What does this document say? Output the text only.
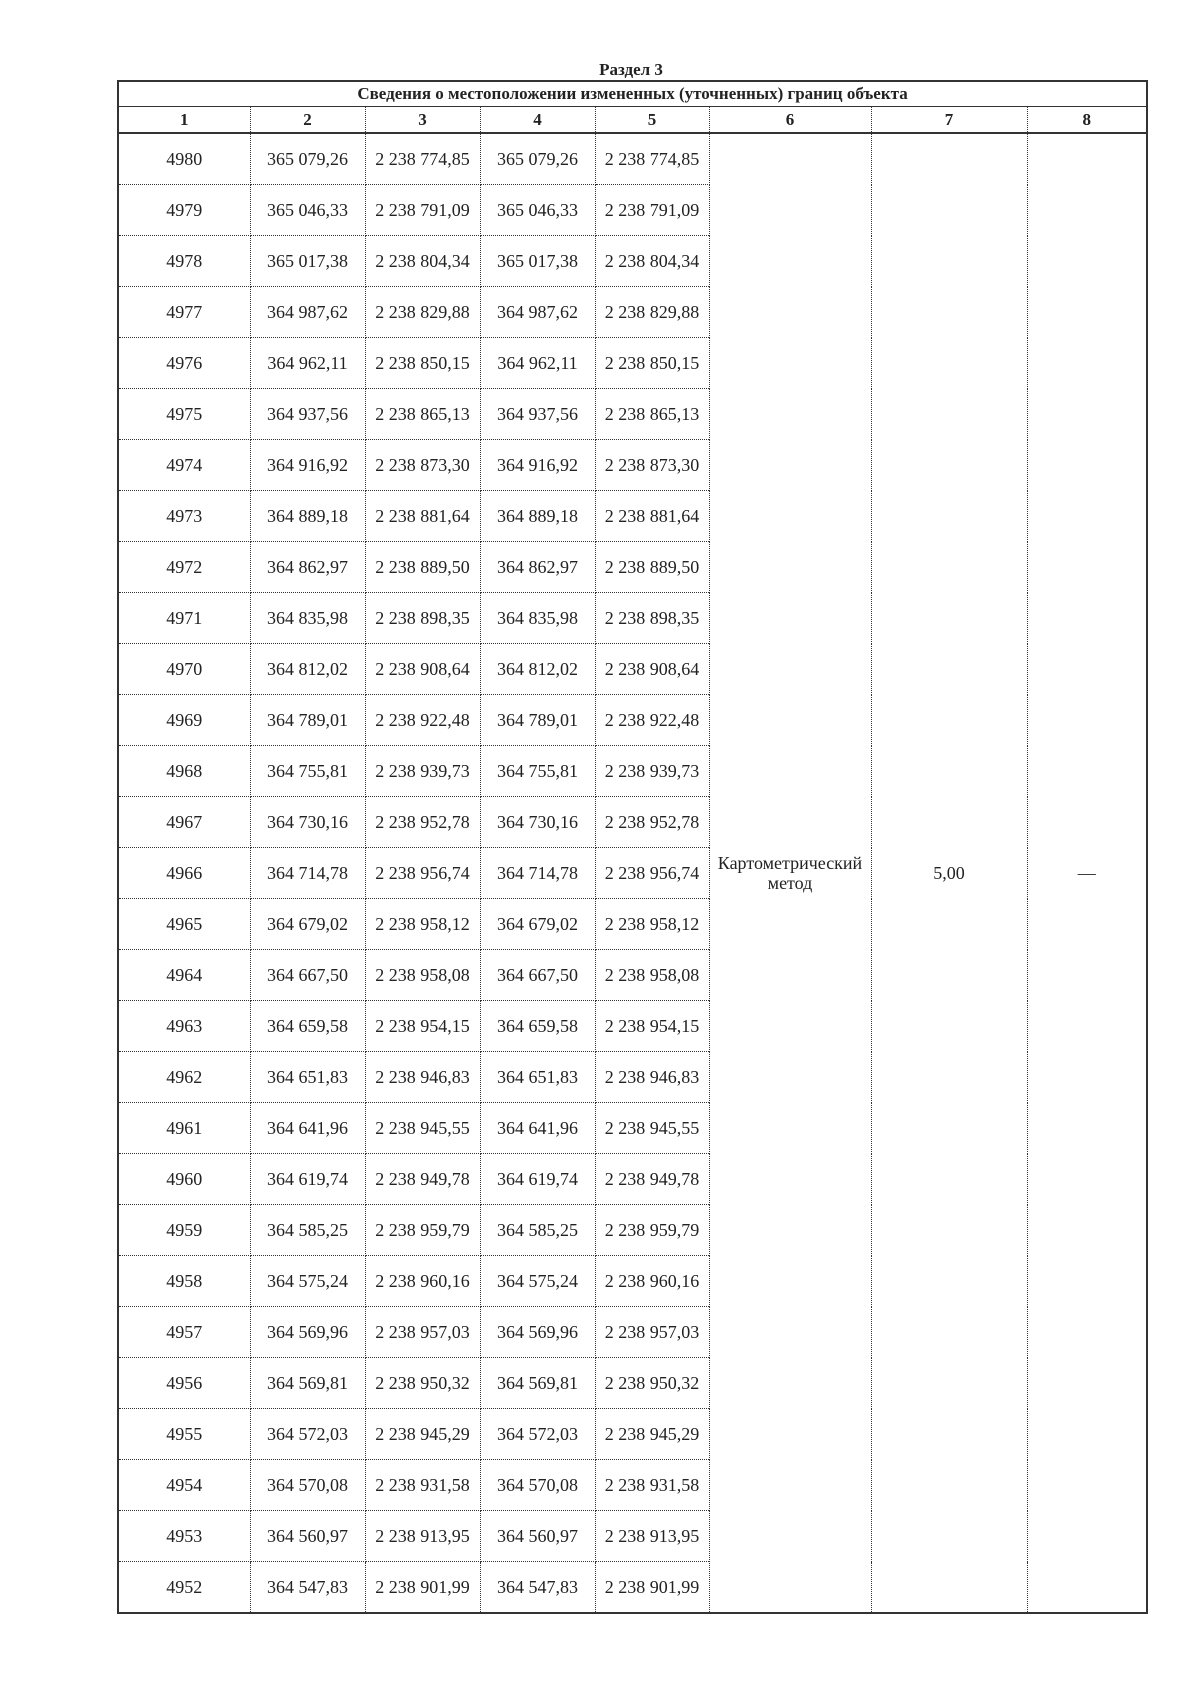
Раздел 3
Сведения о местоположении измененных (уточненных) границ объекта							
1	2	3	4	5	6	7	8
4980	365 079,26	2 238 774,85	365 079,26	2 238 774,85	Картометрический
метод	5,00	—
4979	365 046,33	2 238 791,09	365 046,33	2 238 791,09			
4978	365 017,38	2 238 804,34	365 017,38	2 238 804,34			
4977	364 987,62	2 238 829,88	364 987,62	2 238 829,88			
4976	364 962,11	2 238 850,15	364 962,11	2 238 850,15			
4975	364 937,56	2 238 865,13	364 937,56	2 238 865,13			
4974	364 916,92	2 238 873,30	364 916,92	2 238 873,30			
4973	364 889,18	2 238 881,64	364 889,18	2 238 881,64			
4972	364 862,97	2 238 889,50	364 862,97	2 238 889,50			
4971	364 835,98	2 238 898,35	364 835,98	2 238 898,35			
4970	364 812,02	2 238 908,64	364 812,02	2 238 908,64			
4969	364 789,01	2 238 922,48	364 789,01	2 238 922,48			
4968	364 755,81	2 238 939,73	364 755,81	2 238 939,73			
4967	364 730,16	2 238 952,78	364 730,16	2 238 952,78			
4966	364 714,78	2 238 956,74	364 714,78	2 238 956,74			
4965	364 679,02	2 238 958,12	364 679,02	2 238 958,12			
4964	364 667,50	2 238 958,08	364 667,50	2 238 958,08			
4963	364 659,58	2 238 954,15	364 659,58	2 238 954,15			
4962	364 651,83	2 238 946,83	364 651,83	2 238 946,83			
4961	364 641,96	2 238 945,55	364 641,96	2 238 945,55			
4960	364 619,74	2 238 949,78	364 619,74	2 238 949,78			
4959	364 585,25	2 238 959,79	364 585,25	2 238 959,79			
4958	364 575,24	2 238 960,16	364 575,24	2 238 960,16			
4957	364 569,96	2 238 957,03	364 569,96	2 238 957,03			
4956	364 569,81	2 238 950,32	364 569,81	2 238 950,32			
4955	364 572,03	2 238 945,29	364 572,03	2 238 945,29			
4954	364 570,08	2 238 931,58	364 570,08	2 238 931,58			
4953	364 560,97	2 238 913,95	364 560,97	2 238 913,95			
4952	364 547,83	2 238 901,99	364 547,83	2 238 901,99			
